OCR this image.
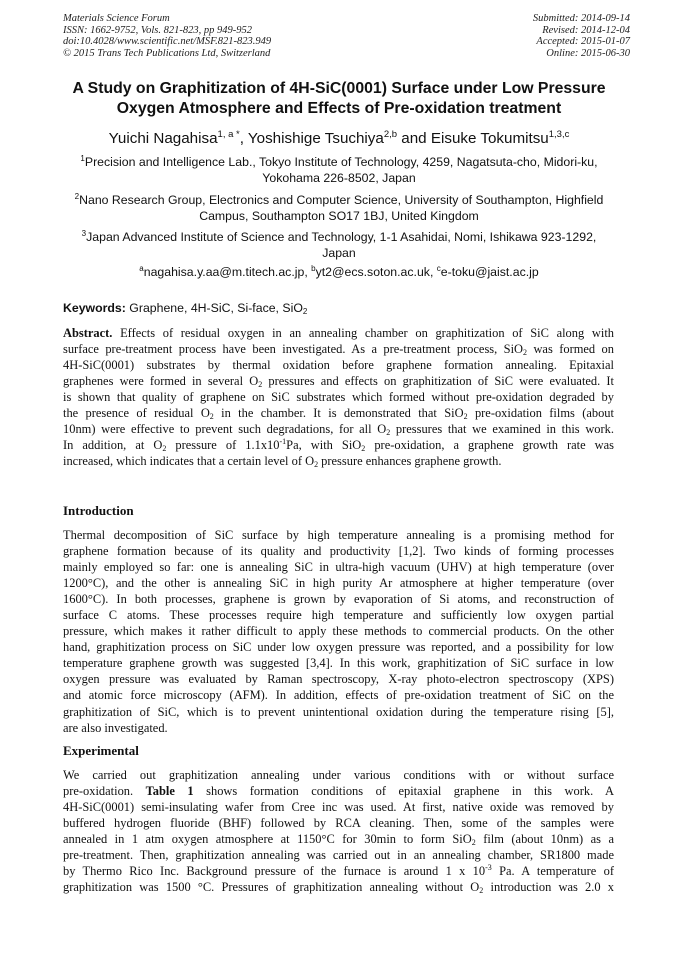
Materials Science Forum
ISSN: 1662-9752, Vols. 821-823, pp 949-952
doi:10.4028/www.scientific.net/MSF.821-823.949
© 2015 Trans Tech Publications Ltd, Switzerland
Submitted: 2014-09-14
Revised: 2014-12-04
Accepted: 2015-01-07
Online: 2015-06-30
A Study on Graphitization of 4H-SiC(0001) Surface under Low Pressure
Oxygen Atmosphere and Effects of Pre-oxidation treatment
Yuichi Nagahisa$^{1, a *}$, Yoshishige Tsuchiya$^{2,b}$ and Eisuke Tokumitsu$^{1,3,c}$
$^1$Precision and Intelligence Lab., Tokyo Institute of Technology, 4259, Nagatsuta-cho, Midori-ku,
Yokohama 226-8502, Japan
$^2$Nano Research Group, Electronics and Computer Science, University of Southampton, Highfield
Campus, Southampton SO17 1BJ, United Kingdom
$^3$Japan Advanced Institute of Science and Technology, 1-1 Asahidai, Nomi, Ishikawa 923-1292,
Japan
$^a$nagahisa.y.aa@m.titech.ac.jp, $^b$yt2@ecs.soton.ac.uk, $^c$e-toku@jaist.ac.jp
Keywords: Graphene, 4H-SiC, Si-face, SiO$_2$
Abstract. Effects of residual oxygen in an annealing chamber on graphitization of SiC along with
surface pre-treatment process have been investigated. As a pre-treatment process, SiO$_2$ was formed on
4H-SiC(0001) substrates by thermal oxidation before graphene formation annealing. Epitaxial
graphenes were formed in several $O_2$ pressures and effects on graphitization of SiC were evaluated. It
is shown that quality of graphene on SiC substrates which formed without pre-oxidation degraded by
the presence of residual $O_2$ in the chamber. It is demonstrated that SiO$_2$ pre-oxidation films (about
10nm) were effective to prevent such degradations, for all $O_2$ pressures that we examined in this work.
In addition, at $O_2$ pressure of $1.1x10^{-1}Pa$, with SiO$_2$ pre-oxidation, a graphene growth rate was
increased, which indicates that a certain level of $O_2$ pressure enhances graphene growth.
Introduction
Thermal decomposition of SiC surface by high temperature annealing is a promising method for
graphene formation because of its quality and productivity [1,2]. Two kinds of forming processes
mainly employed so far: one is annealing SiC in ultra-high vacuum (UHV) at high temperature (over
1200°C), and the other is annealing SiC in high purity Ar atmosphere at higher temperature (over
1600°C). In both processes, graphene is grown by evaporation of Si atoms, and reconstruction of
surface C atoms. These processes require high temperature and sufficiently low oxygen partial
pressure, which makes it rather difficult to apply these methods to commercial products. On the other
hand, graphitization process on SiC under low oxygen pressure was reported, and a possibility for low
temperature graphene growth was suggested [3,4]. In this work, graphitization of SiC surface in low
oxygen pressure was evaluated by Raman spectroscopy, X-ray photo-electron spectroscopy (XPS)
and atomic force microscopy (AFM). In addition, effects of pre-oxidation treatment of SiC on the
graphitization of SiC, which is to prevent unintentional oxidation during the temperature rising [5],
are also investigated.
Experimental
We carried out graphitization annealing under various conditions with or without surface
pre-oxidation. Table 1 shows formation conditions of epitaxial graphene in this work. A
4H-SiC(0001) semi-insulating wafer from Cree inc was used. At first, native oxide was removed by
buffered hydrogen fluoride (BHF) followed by RCA cleaning. Then, some of the samples were
annealed in 1 atm oxygen atmosphere at 1150°C for 30min to form SiO$_2$ film (about 10nm) as a
pre-treatment. Then, graphitization annealing was carried out in an annealing chamber, SR1800 made
by Thermo Rico Inc. Background pressure of the furnace is around 1 x $10^{-3}$ Pa. A temperature of
graphitization was 1500 °C. Pressures of graphitization annealing without $O_2$ introduction was 2.0 x
